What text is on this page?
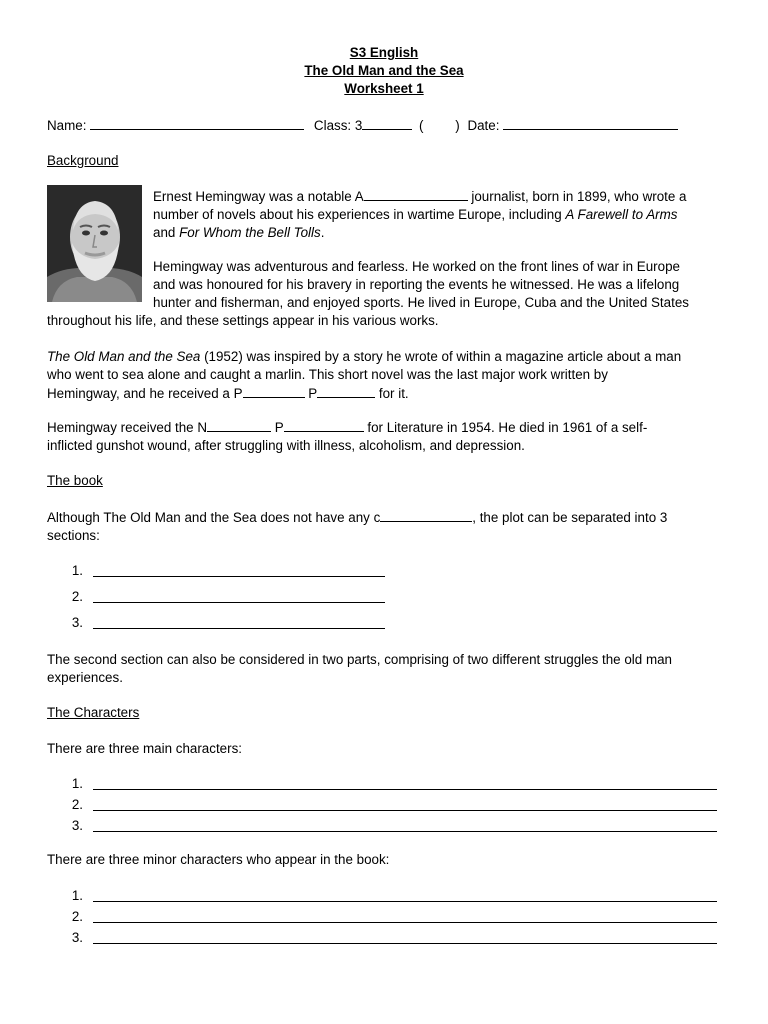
S3 English
The Old Man and the Sea
Worksheet 1
Name:	Class: 3	( ) Date:
Background
Ernest Hemingway was a notable A	journalist, born in 1899, who wrote a
number of novels about his experiences in wartime Europe, including A Farewell to Arms
and For Whom the Bell Tolls.
Hemingway was adventurous and fearless. He worked on the front lines of war in Europe
and was honoured for his bravery in reporting the events he witnessed. He was a lifelong
hunter and fisherman, and enjoyed sports. He lived in Europe, Cuba and the United States
throughout his life, and these settings appear in his various works.
The Old Man and the Sea (1952) was inspired by a story he wrote of within a magazine article about a man
who went to sea alone and caught a marlin. This short novel was the last major work written by
Hemingway, and he received a P	P	for it.
Hemingway received the N	P	for Literature in 1954. He died in 1961 of a self-
inflicted gunshot wound, after struggling with illness, alcoholism, and depression.
The book
Although The Old Man and the Sea does not have any c	, the plot can be separated into 3
sections:
1.
2.
3.
The second section can also be considered in two parts, comprising of two different struggles the old man
experiences.
The Characters
There are three main characters:
1.
2.
3.
There are three minor characters who appear in the book:
1.
2.
3.
